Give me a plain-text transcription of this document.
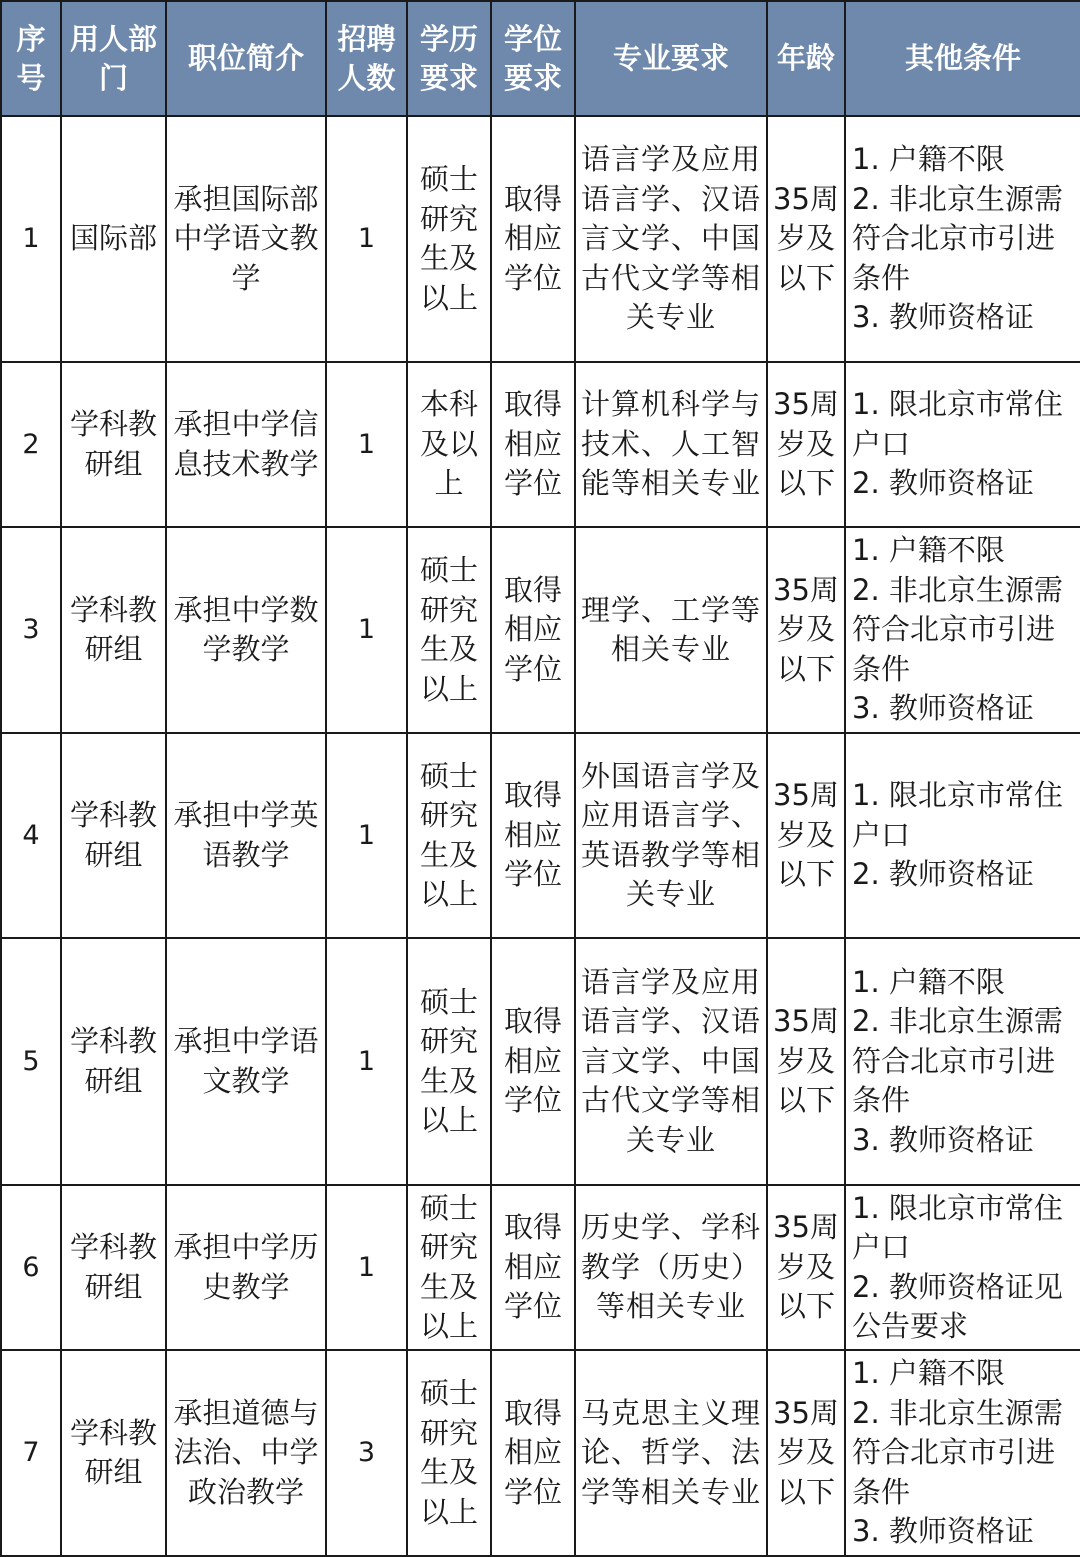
序号	用人部门	职位简介	招聘人数	学历要求	学位要求	专业要求	年龄	其他条件
1	国际部	承担国际部中学语文教学	1	硕士研究生及以上	取得相应学位	语言学及应用语言学、汉语言文学、中国古代文学等相关专业	35周岁及以下	1. 户籍不限
2. 非北京生源需符合北京市引进条件
3. 教师资格证

2	学科教研组	承担中学信息技术教学	1	本科及以上	取得相应学位	计算机科学与技术、人工智能等相关专业	35周岁及以下	1. 限北京市常住户口
2. 教师资格证

3	学科教研组	承担中学数学教学	1	硕士研究生及以上	取得相应学位	理学、工学等相关专业	35周岁及以下	1. 户籍不限
2. 非北京生源需符合北京市引进条件
3. 教师资格证

4	学科教研组	承担中学英语教学	1	硕士研究生及以上	取得相应学位	外国语言学及应用语言学、英语教学等相关专业	35周岁及以下	1. 限北京市常住户口
2. 教师资格证

5	学科教研组	承担中学语文教学	1	硕士研究生及以上	取得相应学位	语言学及应用语言学、汉语言文学、中国古代文学等相关专业	35周岁及以下	1. 户籍不限
2. 非北京生源需符合北京市引进条件
3. 教师资格证

6	学科教研组	承担中学历史教学	1	硕士研究生及以上	取得相应学位	历史学、学科教学（历史）等相关专业	35周岁及以下	1. 限北京市常住户口
2. 教师资格证见公告要求

7	学科教研组	承担道德与法治、中学政治教学	3	硕士研究生及以上	取得相应学位	马克思主义理论、哲学、法学等相关专业	35周岁及以下	1. 户籍不限
2. 非北京生源需符合北京市引进条件
3. 教师资格证
